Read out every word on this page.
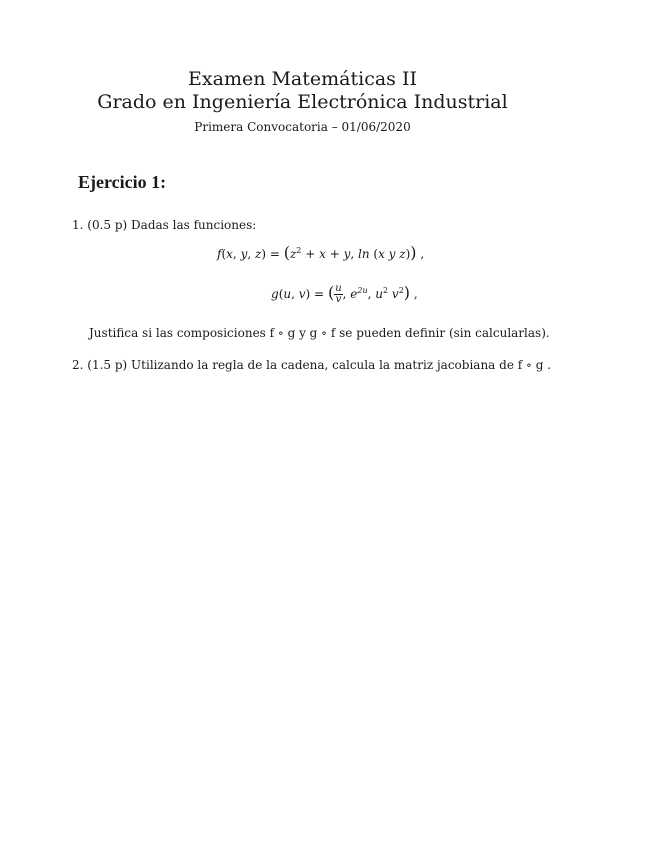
Examen Matemáticas II
Grado en Ingeniería Electrónica Industrial
Primera Convocatoria – 01/06/2020
Ejercicio 1:
1. (0.5 p) Dadas las funciones:
f(x, y, $z) = (z^2 + x + y$, ln (x y z)) ,
g(u, v) = ( $\frac{u}{v}$, $e^{2u}$, $u^2$ $v^2$) ,
Justifica si las composiciones f ∘ g y g ∘ f se pueden definir (sin calcularlas).
2. (1.5 p) Utilizando la regla de la cadena, calcula la matriz jacobiana de f ∘ g .
